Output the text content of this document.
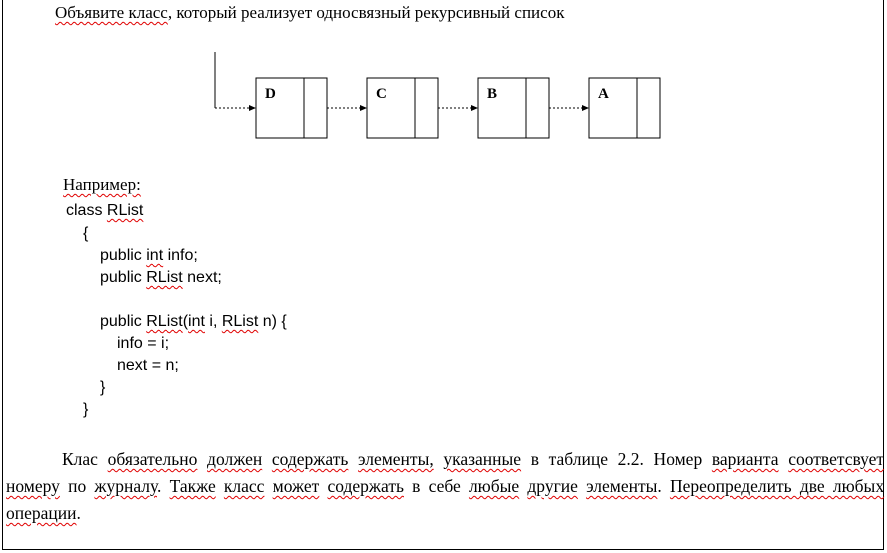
Объявите класс, который реализует односвязный рекурсивный список
D	C	B	A
Например:
class RList
{
public int info;
public RList next;
public RList(int i, RList n) {
info = i;
next = n;
}
}

Клас обязательно должен содержать элементы, указанные в таблице 2.2. Номер варианта соответсвует номеру по журналу. Также класс может содержать в себе любые другие элементы. Переопределить две любых операции.
